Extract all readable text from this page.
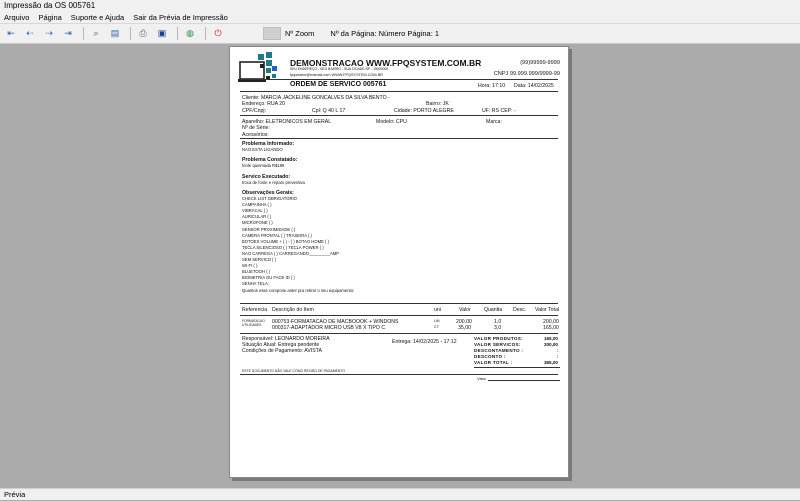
Impressão da OS 005761
Arquivo Página Suporte e Ajuda Sair da Prévia de Impressão
⇤	⇠	⇢	⇥	⌕	▤	⎙	▣	◍	⏻	Nº Zoom Nº da Página: Número Página: 1
DEMONSTRACAO WWW.FPQSYSTEM.COM.BR
SEU ENDEREÇO - SEU BAIRRO - SUA CIDADE-SP - 15500000
fpqsistem@hotmail.com WWW.FPQSYSTEM.COM.BR
(99)99999-9999
CNPJ 99.999.999/9999-99
ORDEM DE SERVICO 005761	Hora: 17:10 Data: 14/02/2025
Cliente: MARCIA JACKELINE GONCALVES DA SILVA BENTO -
Endereço: RUA 20	Bairro: JK
CPF/Cnpj:	Cpl: Q 40 L 17	Cidade: PORTO ALEGRE	UF: RS CEP: -
Aparelho: ELETRONICOS EM GERAL	Modelo: CPU	Marca:
Nº de Série:
Acessórios:
Problema Informado:
NAO ESTA LIGANDO
Problema Constatado:
fonte queimada R$199
Servico Executado:
troca de fonte e reparo preventiva
Observações Gerais:
CHECK LIST OBRIGATORIO
CAMPAINHA ( )
VIBRACAL ( )
AURICULAR ( )
MICROFONE ( )
SENSOR PROXIMIDADE ( )
CAMERA FRONTAL ( ) TRASEIRA ( )
BOTOES VOLUME + ( ) - ( ) BOTAO HOME ( )
TECLA SILENCIOSO ( ) TECLA POWER ( )
NAO CARREGA ( ) CARREGANDO_________AMP
SEM SERVICO ( )
WI-FI ( )
BLUETOOH ( )
BIOMETRIA OU FACE ID ( )
SENHA TELA:
Quantos esse compone anter pra retirar o seu equipamento:
Referencia Descrição do Item	uni	Valor	Quantia Desc. Valor Total
FORMATACAO UTILIDADES
000753-FORMATACAO DE MACBOOOK + WINDONS	UN	200,00	1,0	200,00
000317-ADAPTADOR MICRO USB V8 X TIPO C	CT	35,00	3,0	165,00
Responsável: LEONARDO MOREIRA
Situação Atual: Entrega pendente
Condições de Pagamento: AVISTA
Entrega: 14/02/2025 - 17:12
VALOR PRODUTOS:	165,00
VALOR SERVICOS:	200,00
DESCONTAMENTO :	:
DESCONTO :	:
VALOR TOTAL :	365,00
ESTE DOCUMENTO NÃO VALE COMO RECIBO DE PAGAMENTO
Visto
Prévia
